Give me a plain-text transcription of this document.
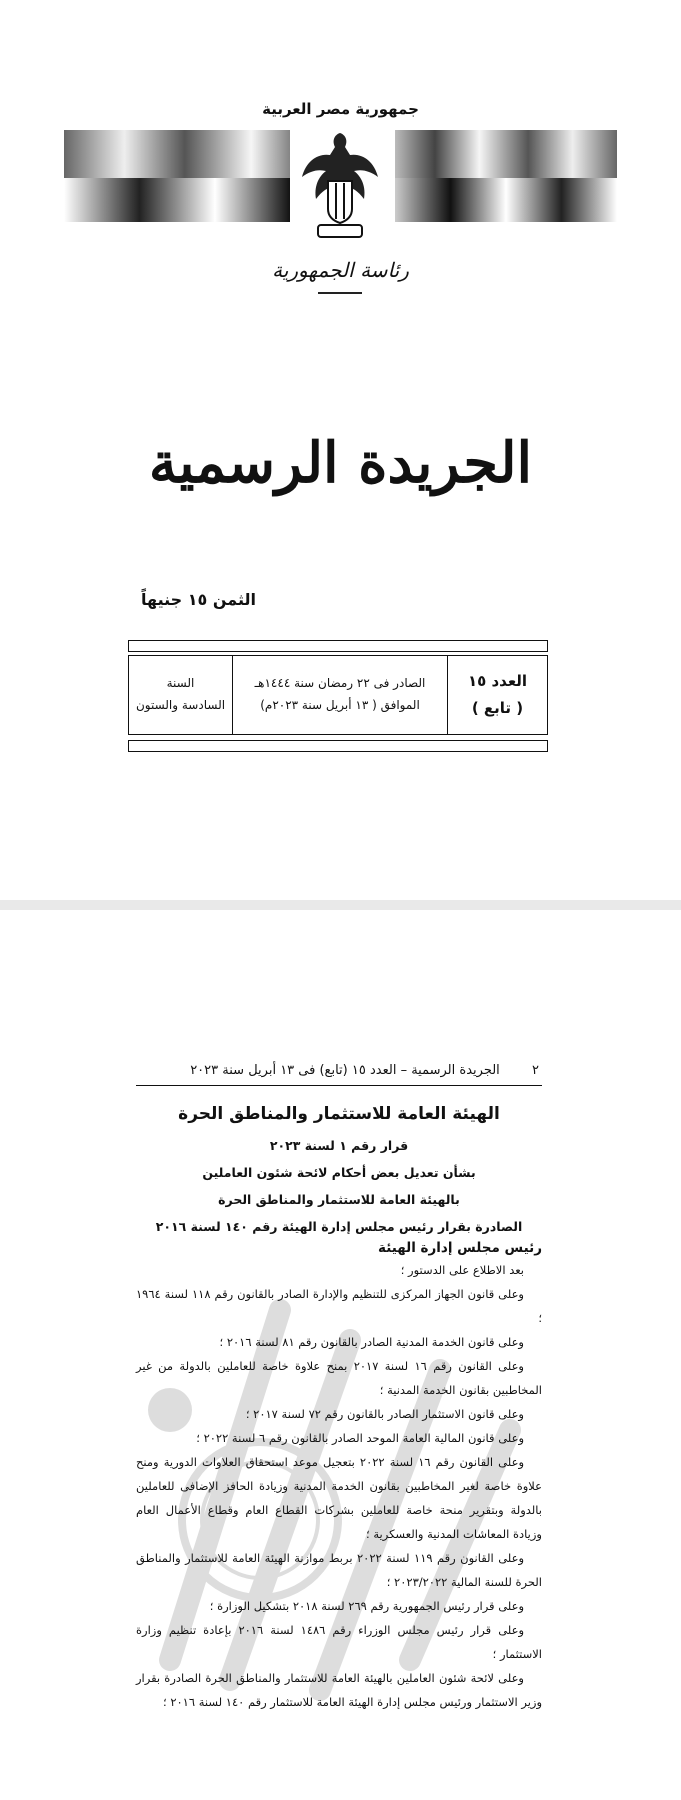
جمهورية مصر العربية
رئاسة الجمهورية
الجريدة الرسمية
الثمن ١٥ جنيهاً
العدد ١٥
( تابع )
الصادر فى ٢٢ رمضان سنة ١٤٤٤هـ
الموافق ( ١٣ أبريل سنة ٢٠٢٣م)
السنة
السادسة والستون
٢
الجريدة الرسمية – العدد ١٥ (تابع) فى ١٣ أبريل سنة ٢٠٢٣
الهيئة العامة للاستثمار والمناطق الحرة
قرار رقم ١ لسنة ٢٠٢٣
بشأن تعديل بعض أحكام لائحة شئون العاملين
بالهيئة العامة للاستثمار والمناطق الحرة
الصادرة بقرار رئيس مجلس إدارة الهيئة رقم ١٤٠ لسنة ٢٠١٦
رئيس مجلس إدارة الهيئة
بعد الاطلاع على الدستور ؛
وعلى قانون الجهاز المركزى للتنظيم والإدارة الصادر بالقانون رقم ١١٨ لسنة ١٩٦٤ ؛
وعلى قانون الخدمة المدنية الصادر بالقانون رقم ٨١ لسنة ٢٠١٦ ؛
وعلى القانون رقم ١٦ لسنة ٢٠١٧ بمنح علاوة خاصة للعاملين بالدولة من غير المخاطبين بقانون الخدمة المدنية ؛
وعلى قانون الاستثمار الصادر بالقانون رقم ٧٢ لسنة ٢٠١٧ ؛
وعلى قانون المالية العامة الموحد الصادر بالقانون رقم ٦ لسنة ٢٠٢٢ ؛
وعلى القانون رقم ١٦ لسنة ٢٠٢٢ بتعجيل موعد استحقاق العلاوات الدورية ومنح علاوة خاصة لغير المخاطبين بقانون الخدمة المدنية وزيادة الحافز الإضافى للعاملين بالدولة وبتقرير منحة خاصة للعاملين بشركات القطاع العام وقطاع الأعمال العام وزيادة المعاشات المدنية والعسكرية ؛
وعلى القانون رقم ١١٩ لسنة ٢٠٢٢ بربط موازنة الهيئة العامة للاستثمار والمناطق الحرة للسنة المالية ٢٠٢٣/٢٠٢٢ ؛
وعلى قرار رئيس الجمهورية رقم ٢٦٩ لسنة ٢٠١٨ بتشكيل الوزارة ؛
وعلى قرار رئيس مجلس الوزراء رقم ١٤٨٦ لسنة ٢٠١٦ بإعادة تنظيم وزارة الاستثمار ؛
وعلى لائحة شئون العاملين بالهيئة العامة للاستثمار والمناطق الحرة الصادرة بقرار وزير الاستثمار ورئيس مجلس إدارة الهيئة العامة للاستثمار رقم ١٤٠ لسنة ٢٠١٦ ؛
